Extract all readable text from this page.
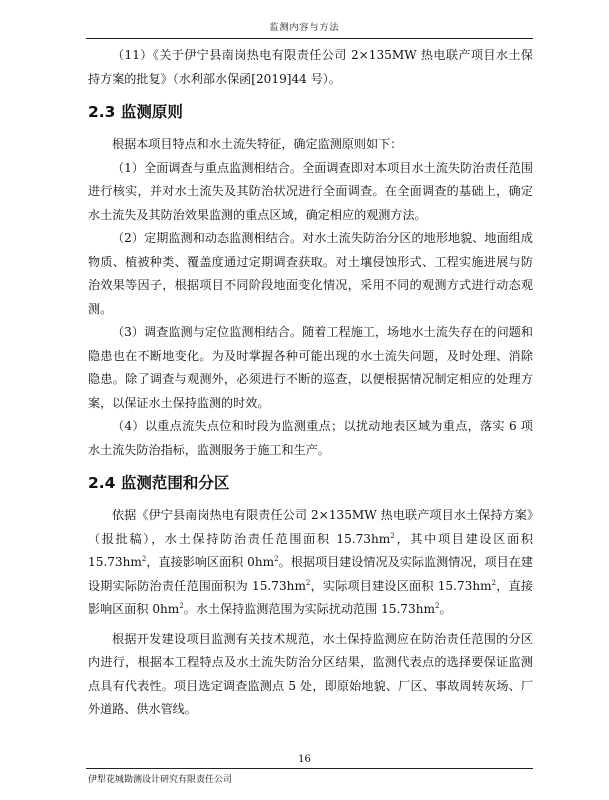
监测内容与方法

（11）《关于伊宁县南岗热电有限责任公司 2×135MW 热电联产项目水土保持方案的批复》（水利部水保函[2019]44 号）。

2.3 监测原则

根据本项目特点和水土流失特征，确定监测原则如下：

（1）全面调查与重点监测相结合。全面调查即对本项目水土流失防治责任范围进行核实，并对水土流失及其防治状况进行全面调查。在全面调查的基础上，确定水土流失及其防治效果监测的重点区域，确定相应的观测方法。

（2）定期监测和动态监测相结合。对水土流失防治分区的地形地貌、地面组成物质、植被种类、覆盖度通过定期调查获取。对土壤侵蚀形式、工程实施进展与防治效果等因子，根据项目不同阶段地面变化情况，采用不同的观测方式进行动态观测。

（3）调查监测与定位监测相结合。随着工程施工，场地水土流失存在的问题和隐患也在不断地变化。为及时掌握各种可能出现的水土流失问题，及时处理、消除隐患。除了调查与观测外，必须进行不断的巡查，以便根据情况制定相应的处理方案，以保证水土保持监测的时效。

（4）以重点流失点位和时段为监测重点；以扰动地表区域为重点，落实 6 项水土流失防治指标，监测服务于施工和生产。

2.4 监测范围和分区

依据《伊宁县南岗热电有限责任公司 2×135MW 热电联产项目水土保持方案》（报批稿），水土保持防治责任范围面积 $15.73hm^2$，其中项目建设区面积 $15.73hm^2$，直接影响区面积 $0hm^2$。根据项目建设情况及实际监测情况，项目在建设期实际防治责任范围面积为 $15.73hm^2$，实际项目建设区面积 $15.73hm^2$，直接影响区面积 $0hm^2$。水土保持监测范围为实际扰动范围 $15.73hm^2$。

根据开发建设项目监测有关技术规范，水土保持监测应在防治责任范围的分区内进行，根据本工程特点及水土流失防治分区结果，监测代表点的选择要保证监测点具有代表性。项目选定调查监测点 5 处，即原始地貌、厂区、事故周转灰场、厂外道路、供水管线。

16
伊犁花城勘测设计研究有限责任公司
